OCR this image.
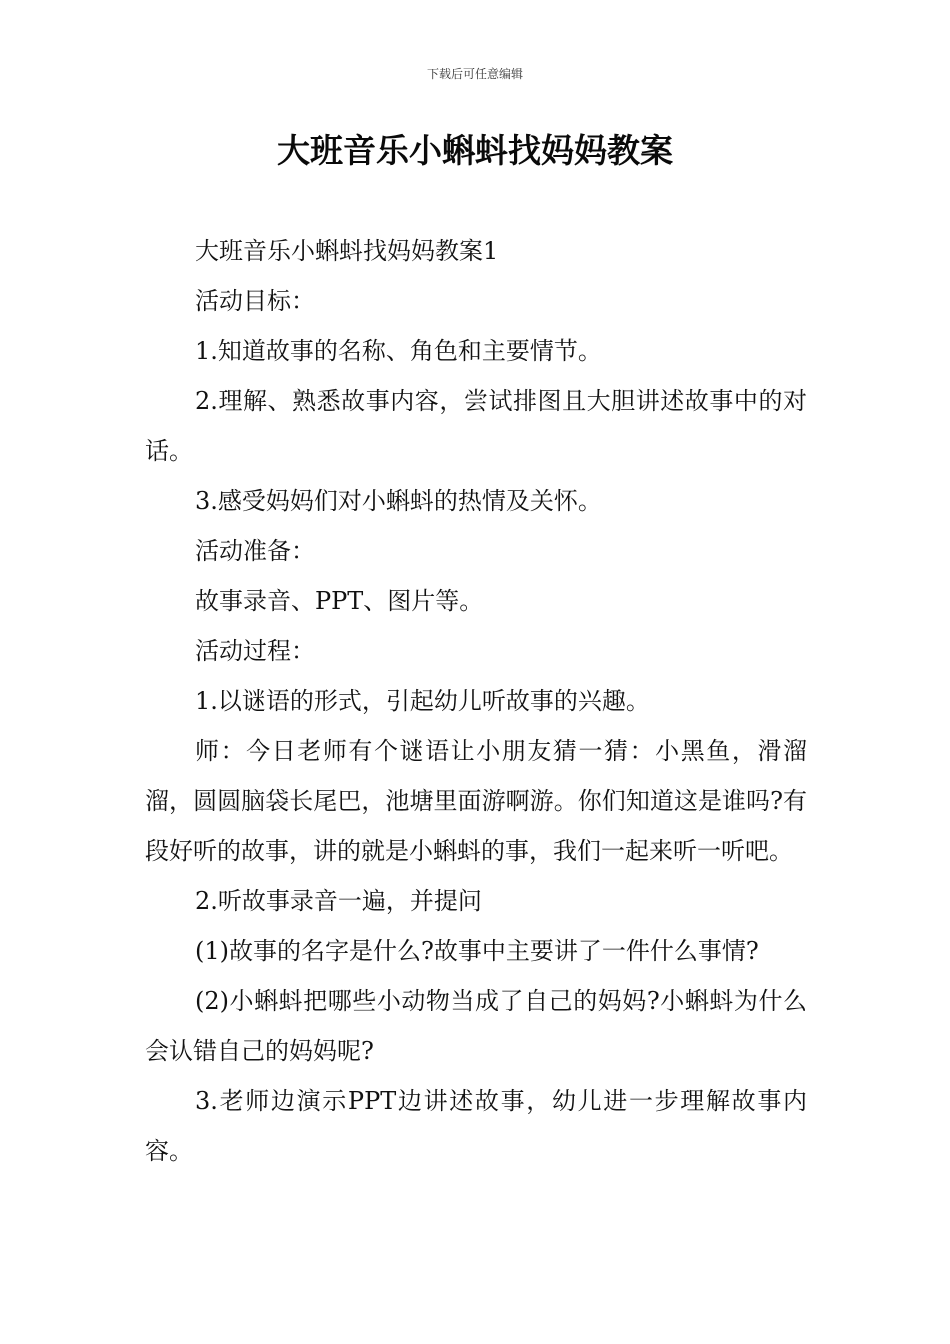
下载后可任意编辑
大班音乐小蝌蚪找妈妈教案

大班音乐小蝌蚪找妈妈教案1

活动目标：

1.知道故事的名称、角色和主要情节。

2.理解、熟悉故事内容，尝试排图且大胆讲述故事中的对话。

3.感受妈妈们对小蝌蚪的热情及关怀。

活动准备：

故事录音、PPT、图片等。

活动过程：

1.以谜语的形式，引起幼儿听故事的兴趣。

师：今日老师有个谜语让小朋友猜一猜：小黑鱼，滑溜溜，圆圆脑袋长尾巴，池塘里面游啊游。你们知道这是谁吗?有段好听的故事，讲的就是小蝌蚪的事，我们一起来听一听吧。

2.听故事录音一遍，并提问

(1)故事的名字是什么?故事中主要讲了一件什么事情?

(2)小蝌蚪把哪些小动物当成了自己的妈妈?小蝌蚪为什么会认错自己的妈妈呢?

3.老师边演示PPT边讲述故事，幼儿进一步理解故事内容。
